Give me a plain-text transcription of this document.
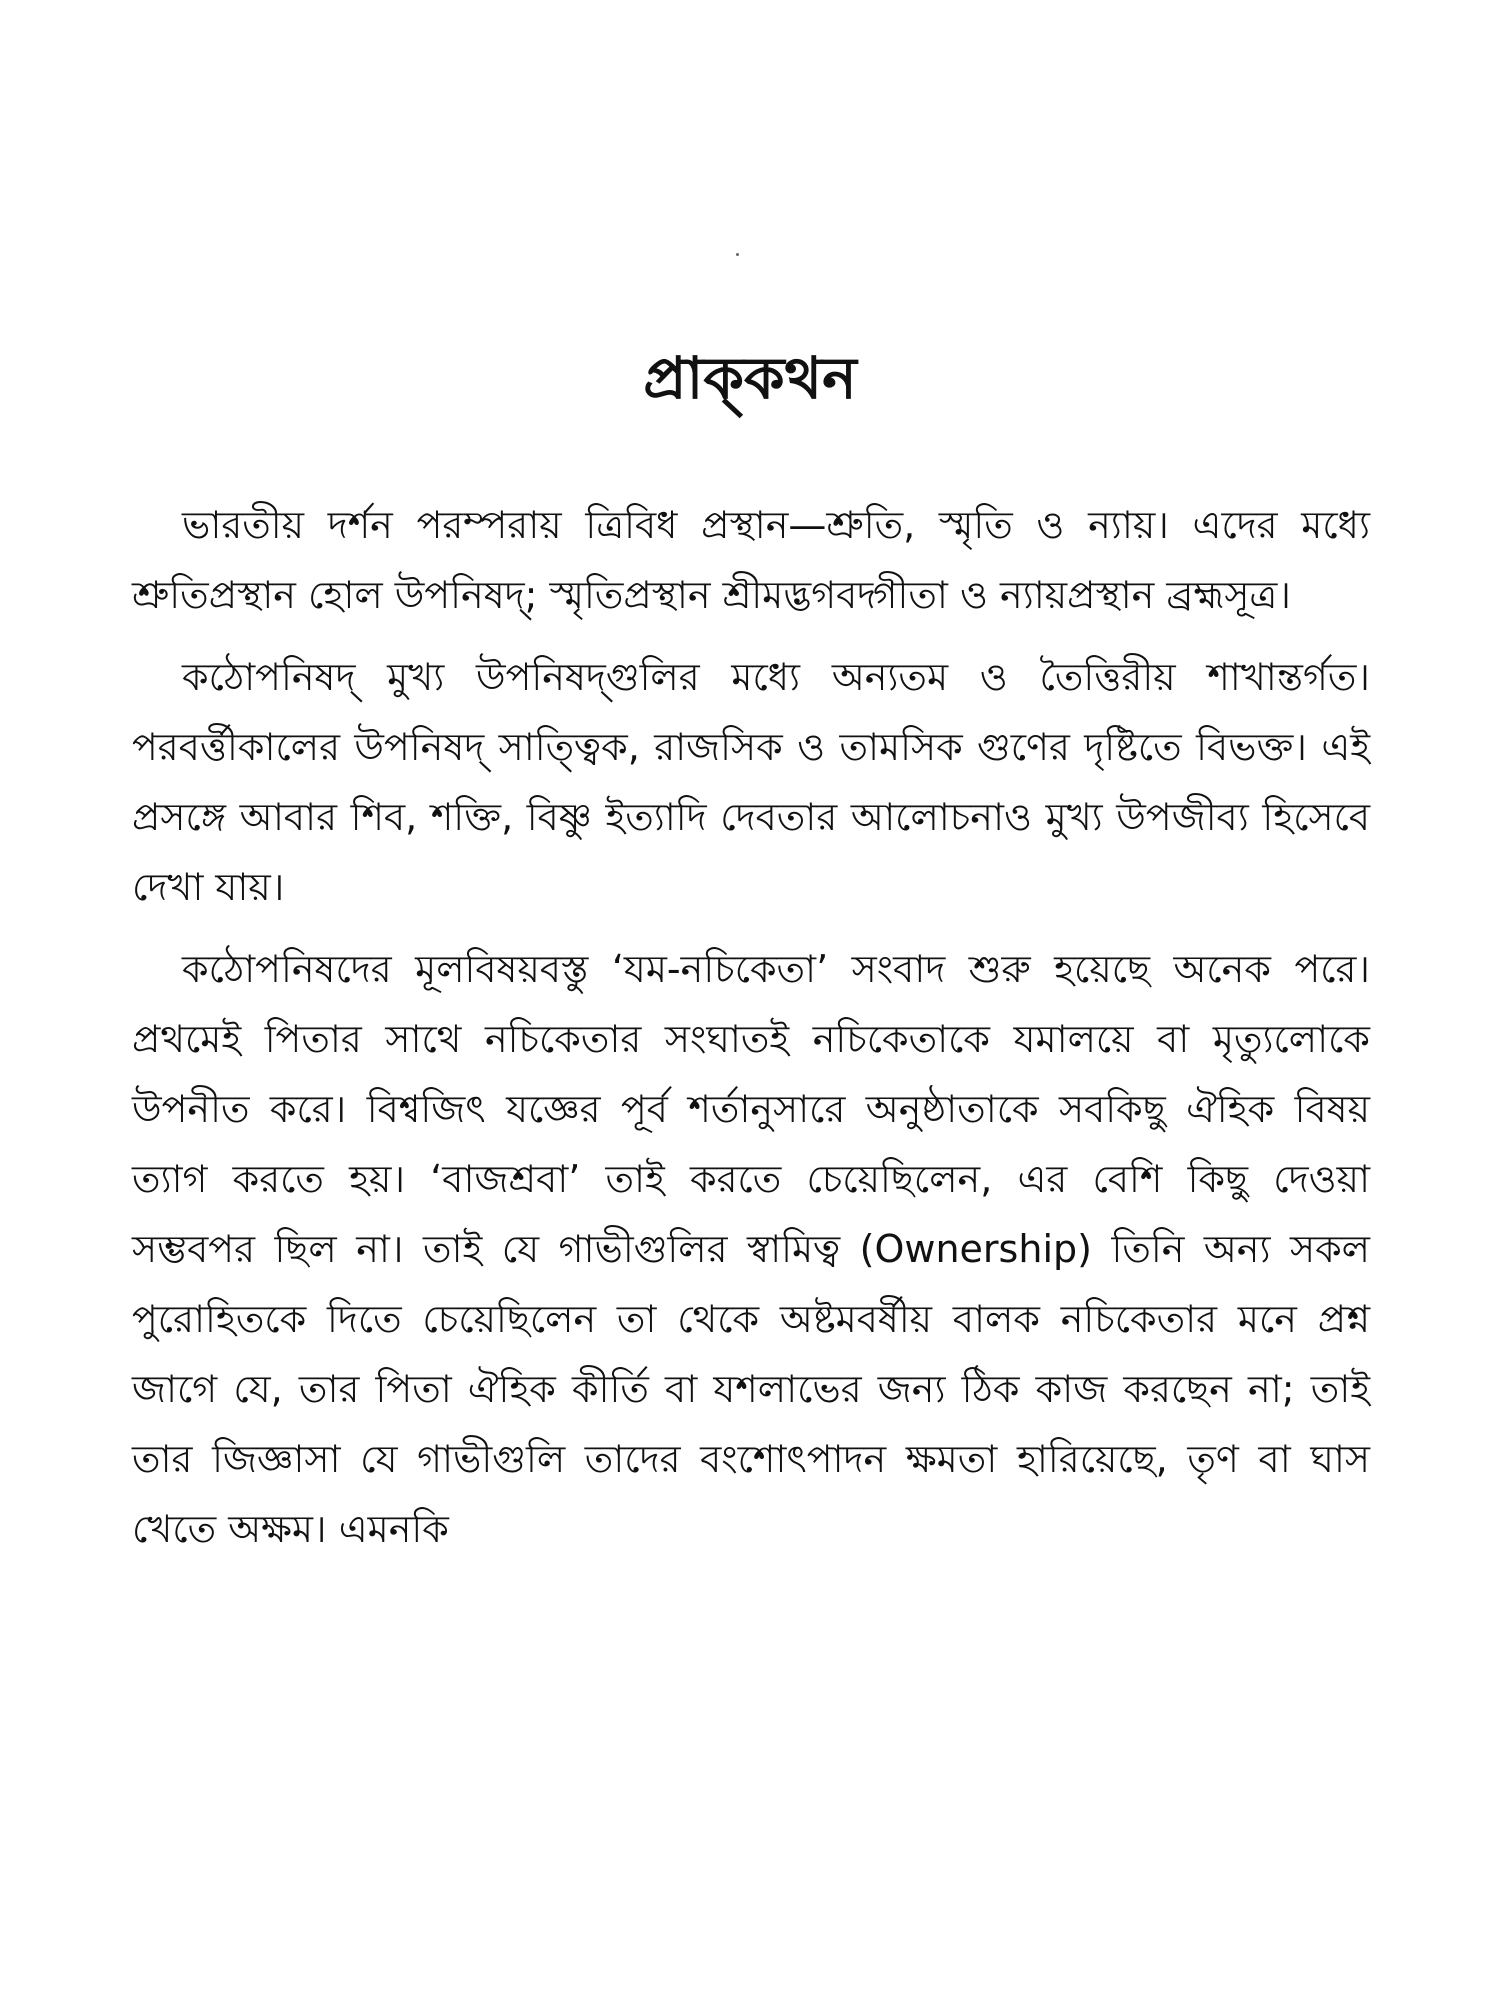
প্রাক্‌কথন

ভারতীয় দর্শন পরম্পরায় ত্রিবিধ প্রস্থান—শ্রুতি, স্মৃতি ও ন্যায়। এদের মধ্যে শ্রুতিপ্রস্থান হোল উপনিষদ্; স্মৃতিপ্রস্থান শ্রীমদ্ভগবদ্গীতা ও ন্যায়প্রস্থান ব্রহ্মসূত্র।

কঠোপনিষদ্ মুখ্য উপনিষদ্গুলির মধ্যে অন্যতম ও তৈত্তিরীয় শাখান্তর্গত। পরবর্ত্তীকালের উপনিষদ্ সাত্ত্বিক, রাজসিক ও তামসিক গুণের দৃষ্টিতে বিভক্ত। এই প্রসঙ্গে আবার শিব, শক্তি, বিষ্ণু ইত্যাদি দেবতার আলোচনাও মুখ্য উপজীব্য হিসেবে দেখা যায়।

কঠোপনিষদের মূলবিষয়বস্তু ‘যম-নচিকেতা’ সংবাদ শুরু হয়েছে অনেক পরে। প্রথমেই পিতার সাথে নচিকেতার সংঘাতই নচিকেতাকে যমালয়ে বা মৃত্যুলোকে উপনীত করে। বিশ্বজিৎ যজ্ঞের পূর্ব শর্তানুসারে অনুষ্ঠাতাকে সবকিছু ঐহিক বিষয় ত্যাগ করতে হয়। ‘বাজশ্রবা’ তাই করতে চেয়েছিলেন, এর বেশি কিছু দেওয়া সম্ভবপর ছিল না। তাই যে গাভীগুলির স্বামিত্ব (Ownership) তিনি অন্য সকল পুরোহিতকে দিতে চেয়েছিলেন তা থেকে অষ্টমবর্ষীয় বালক নচিকেতার মনে প্রশ্ন জাগে যে, তার পিতা ঐহিক কীর্তি বা যশলাভের জন্য ঠিক কাজ করছেন না; তাই তার জিজ্ঞাসা যে গাভীগুলি তাদের বংশোৎপাদন ক্ষমতা হারিয়েছে, তৃণ বা ঘাস খেতে অক্ষম। এমনকি
